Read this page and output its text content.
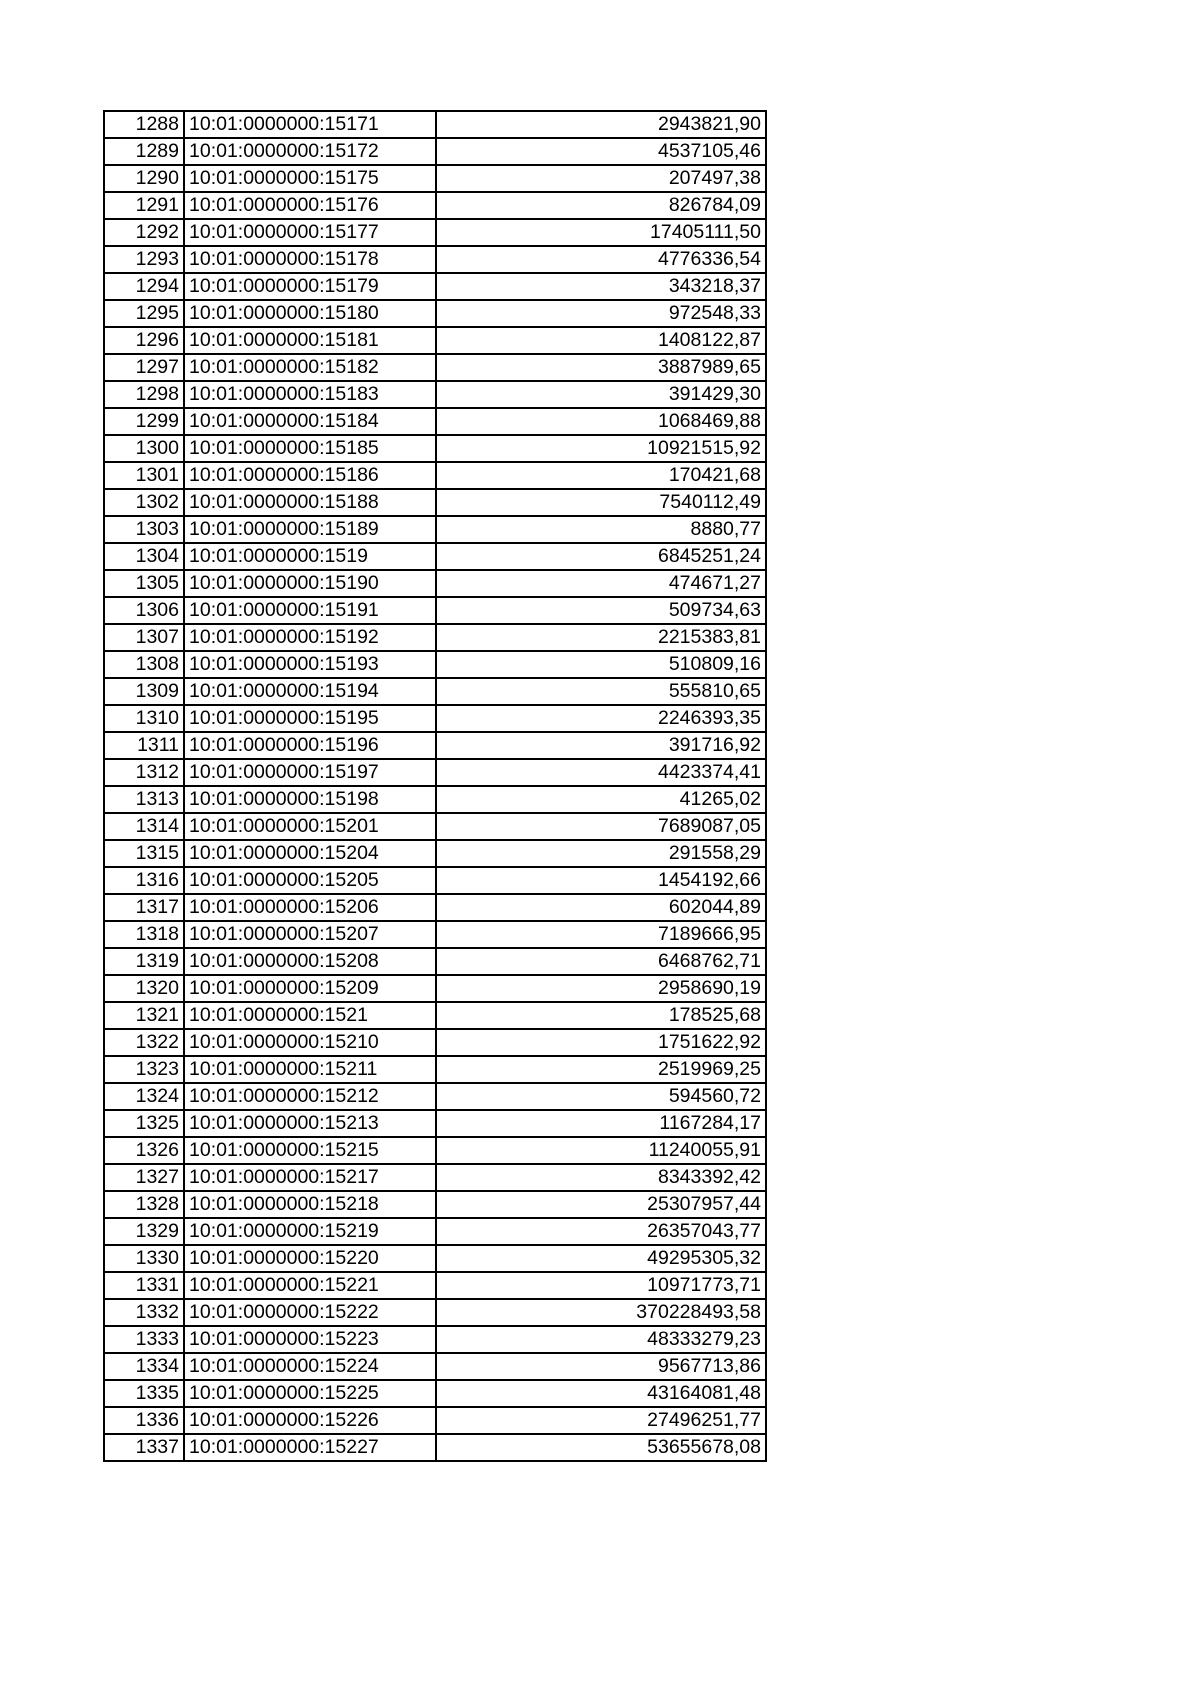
1288	10:01:0000000:15171	2943821,90
1289	10:01:0000000:15172	4537105,46
1290	10:01:0000000:15175	207497,38
1291	10:01:0000000:15176	826784,09
1292	10:01:0000000:15177	17405111,50
1293	10:01:0000000:15178	4776336,54
1294	10:01:0000000:15179	343218,37
1295	10:01:0000000:15180	972548,33
1296	10:01:0000000:15181	1408122,87
1297	10:01:0000000:15182	3887989,65
1298	10:01:0000000:15183	391429,30
1299	10:01:0000000:15184	1068469,88
1300	10:01:0000000:15185	10921515,92
1301	10:01:0000000:15186	170421,68
1302	10:01:0000000:15188	7540112,49
1303	10:01:0000000:15189	8880,77
1304	10:01:0000000:1519	6845251,24
1305	10:01:0000000:15190	474671,27
1306	10:01:0000000:15191	509734,63
1307	10:01:0000000:15192	2215383,81
1308	10:01:0000000:15193	510809,16
1309	10:01:0000000:15194	555810,65
1310	10:01:0000000:15195	2246393,35
1311	10:01:0000000:15196	391716,92
1312	10:01:0000000:15197	4423374,41
1313	10:01:0000000:15198	41265,02
1314	10:01:0000000:15201	7689087,05
1315	10:01:0000000:15204	291558,29
1316	10:01:0000000:15205	1454192,66
1317	10:01:0000000:15206	602044,89
1318	10:01:0000000:15207	7189666,95
1319	10:01:0000000:15208	6468762,71
1320	10:01:0000000:15209	2958690,19
1321	10:01:0000000:1521	178525,68
1322	10:01:0000000:15210	1751622,92
1323	10:01:0000000:15211	2519969,25
1324	10:01:0000000:15212	594560,72
1325	10:01:0000000:15213	1167284,17
1326	10:01:0000000:15215	11240055,91
1327	10:01:0000000:15217	8343392,42
1328	10:01:0000000:15218	25307957,44
1329	10:01:0000000:15219	26357043,77
1330	10:01:0000000:15220	49295305,32
1331	10:01:0000000:15221	10971773,71
1332	10:01:0000000:15222	370228493,58
1333	10:01:0000000:15223	48333279,23
1334	10:01:0000000:15224	9567713,86
1335	10:01:0000000:15225	43164081,48
1336	10:01:0000000:15226	27496251,77
1337	10:01:0000000:15227	53655678,08
